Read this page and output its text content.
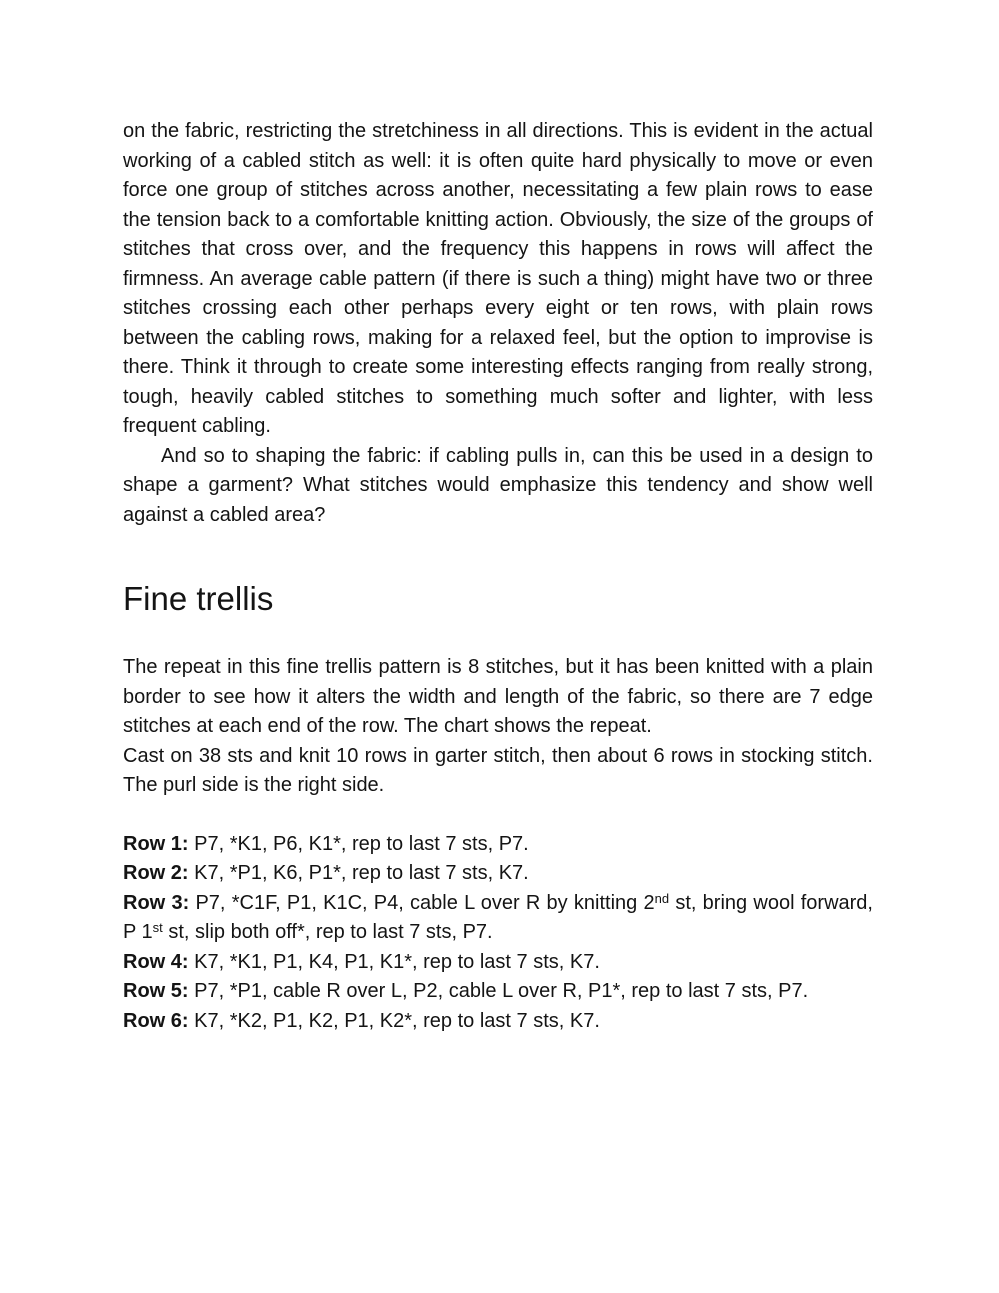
on the fabric, restricting the stretchiness in all directions. This is evident in the actual working of a cabled stitch as well: it is often quite hard physically to move or even force one group of stitches across another, necessitating a few plain rows to ease the tension back to a comfortable knitting action. Obviously, the size of the groups of stitches that cross over, and the frequency this happens in rows will affect the firmness. An average cable pattern (if there is such a thing) might have two or three stitches crossing each other perhaps every eight or ten rows, with plain rows between the cabling rows, making for a relaxed feel, but the option to improvise is there. Think it through to create some interesting effects ranging from really strong, tough, heavily cabled stitches to something much softer and lighter, with less frequent cabling.

And so to shaping the fabric: if cabling pulls in, can this be used in a design to shape a garment? What stitches would emphasize this tendency and show well against a cabled area?

Fine trellis

The repeat in this fine trellis pattern is 8 stitches, but it has been knitted with a plain border to see how it alters the width and length of the fabric, so there are 7 edge stitches at each end of the row. The chart shows the repeat.

Cast on 38 sts and knit 10 rows in garter stitch, then about 6 rows in stocking stitch. The purl side is the right side.

Row 1: P7, *K1, P6, K1*, rep to last 7 sts, P7.

Row 2: K7, *P1, K6, P1*, rep to last 7 sts, K7.

Row 3: P7, *C1F, P1, K1C, P4, cable L over R by knitting 2nd st, bring wool forward, P 1st st, slip both off*, rep to last 7 sts, P7.

Row 4: K7, *K1, P1, K4, P1, K1*, rep to last 7 sts, K7.

Row 5: P7, *P1, cable R over L, P2, cable L over R, P1*, rep to last 7 sts, P7.

Row 6: K7, *K2, P1, K2, P1, K2*, rep to last 7 sts, K7.
